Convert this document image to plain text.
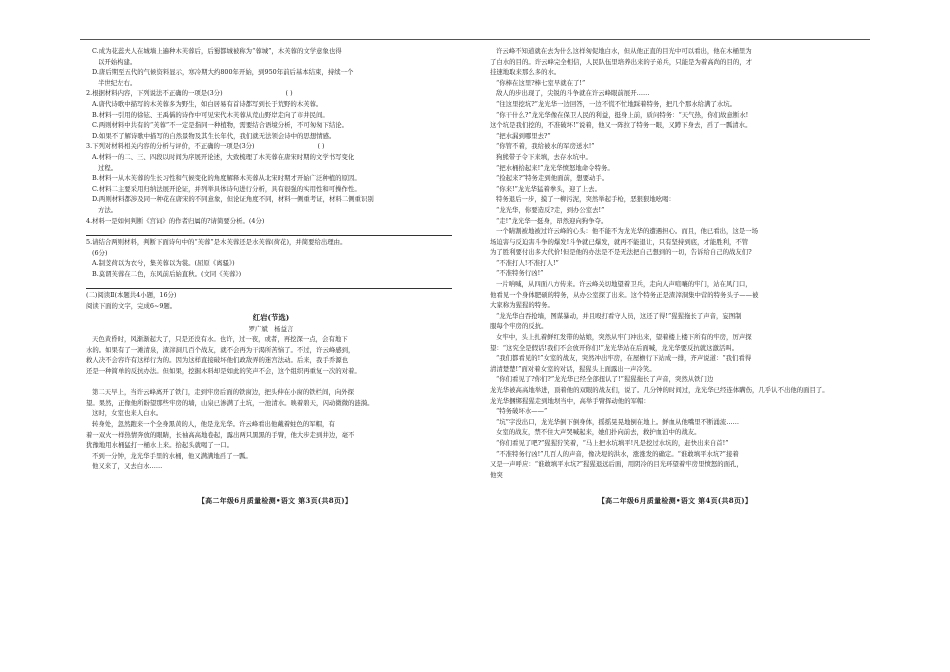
C.成为花蕊夫人在城墙上遍种木芙蓉后，后蜀都城被称为“蓉城”，木芙蓉的文学意象也得
以开始构建。
D.唐后期至五代的气候资料显示，寒冷期大约800年开始，到950年前后基本结束，持续一个
半世纪左右。
2.根据材料内容，下列说法不正确的一项是(3分)	( )
A.唐代诗歌中描写的木芙蓉多为野生，如白居易有首诗都写到长于荒野的木芙蓉。
B.材料一引用的徐铉、王禹偁的诗作中可见宋代木芙蓉从荒山野岸走向了市井民间。
C.两则材料中共有的“芙蓉”不一定是指同一种植物，需要结合语境分析，不可匆匆下结论。
D.如果不了解诗歌中描写的自然景物及其生长年代，我们就无法领会诗中的思想情感。
3.下列对材料相关内容的分析与评价，不正确的一项是(3分)	( )
A.材料一的二、三、四段以时间为序展开论述，大致梳理了木芙蓉在唐宋时期的文学书写变化
过程。
B.材料一从木芙蓉的生长习性和气候变化的角度解释木芙蓉从北宋时期才开始广泛种植的原因。
C.材料二主要采用归纳法展开论证，并列举具体诗句进行分析，具有很强的实用性和可操作性。
D.两则材料都涉及同一种花在唐宋的不同意象，但论证角度不同，材料一侧重考证，材料二侧重识别
方法。
4.材料一是如何判断《宫词》的作者归属的?请简要分析。(4分)
5.请结合两则材料，判断下面诗句中的“芙蓉”是木芙蓉还是水芙蓉(荷花)，并简要给出理由。
(6分)
A.制芰荷以为衣兮，集芙蓉以为裳。(屈原《离骚》)
B.莫谓芙蓉在二色，东风前后始直秋。(文同《芙蓉》)
(二)阅读Ⅱ(本题共4小题，16分)
阅读下面的文字，完成6~9题。
红岩(节选)
罗广斌　杨益言
天色黄昏时，风渐渐起大了，只是还没有水。也许，过一夜，或者，再挖深一点，会有地下
水的。如果有了一滩清泉，渣滓洞几百个战友，就不会再为干渴所苦恼了。不过，许云峰感到，
救人决不会容许有这样行为的。因为这样直接破坏他们政敌弄的迷宫法动。后来，我手乔源也
还是一种简单的反抗办法。但如果，挖掘木料却是如此的笑声不会，这个组织再重复一次的对着。
第二天早上，当许云峰离开了铁门，走到牢房后面的铁窗边，把头伸在小窗的铁栏间，向外探
望。果然，正像他所盼望那些牢房的墙，山泉已渗满了土坑，一池清水。映着碧天，闪动微微的涟漪。
这时，女室也来人白水。
转身处，忽然跑来一个全身黑黄的人，他是龙光华。许云峰看出他戴着蛀色的军帽，有
着一双火一样热情奔放的眼睛，长袖高高地卷起，露出两只黑黑的手臂，他大步走到井边，毫不
犹豫地用水桶猛打一桶水上来。拾起头就喝了一口。
不到一分钟，龙光华手里的水桶，他又满满地舀了一瓢。
他又来了，又去白水……
许云峰不知道就在去为什么这样匆促地白水，但从他正直的目光中可以看出，他在木桶里为
了白水的目的。许云峰完全相信，人民队伍里培养出来的子弟兵，只能是为着高尚的目的，才
挂速地取来那么多的水。
“你棒在这里?棒七室早就在了!”
敌人的步出现了，尖锐的斗争就在许云峰眼前展开……
“往这里挖坑?”龙光华一边回答，一边不慌不忙地踩着特务，把几个那水给满了水坑。
“你干什么?”龙光华像在保卫人民的利益，挺身上前，质问特务：“天气热，你们故意断水!
这个坑是我们挖的，不准破坏!”说着，他又一阵拉了特务一眼，又蹲下身去，舀了一瓢清水。
“把水漏到哪里去?”
“你管不着，我给被水的军房送水!”
狗熊带子令下来填，去存水坑中。
“把水桶拾起来!”龙光华愤怒地命令特务。
“捡起来?”特务走到他面前，想要动手。
“你来!”龙光华猛着拳头，迎了上去。
特务退后一步，摸了一柳污泥，突然举起手枪，恶狠狠地吆喝：
“龙光华，你要造反?走，到办公室去!”
“走!”龙光华一挺身，昂然迎向狗争夺。
一个睛割被地被过许云峰的心头：他不能不为龙光华的遭遇担心。而且，他已看出，这是一场
场迫害与反迫害斗争的爆发!斗争就已爆发，就再不能退让，只有坚持到底，才能胜利，不管
为了胜利要付出多大代价!但是他的办法是不是无法把自己想到的一切，告诉给自己的战友们?
“不准打人!不准打人!”
“不准特务行凶!”
一片呐喊，从四面八方传来。许云峰关切地望着卫兵，走向人声喧嚷的牢门，站在风门口，
他看见一个身体肥硕的特务，从办公室探了出来。这个特务正是渣滓洞集中营的特务头子——被
大家称为猩猩的特务。
“龙光华白吞抢墙，图谋暴动，并且殴打看守人员，这还了得!”猩猩拖长了声音，妄图制
服每个牢房的反抗。
女牢中，头上扎着鲜红发带的姑娘，突然从牢门冲出来，望着楼上楼下所有的牢房，厉声探
望：“这究全是假话!我们不会放开你们!”龙光华站在后面喊，龙光华要反抗就这激活叫。
“我们都看见的!”女室的战友，突然冲出牢房，在屋檐行下站成一排，齐声说道：“我们看得
清清楚楚!”面对着女室的对话，猩猩头上面露出一声冷笑。
“你们看见了?你们?”龙光华已经全部扭认了!”猩猩拖长了声音，突然从铁门边
龙光华被高高地举进，顶着他的双眼的战友们，说了。几分钟的时间过，龙光华已经连体瞒伤，几乎认不出他的面目了。
龙光华捆绑猩猩走到地坝当中，高举手臂挥动他的军帽：
“特务破坏水——”
“坑”字没出口，龙光华倒下倒身体，摇摇晃晃地倒在地上。鲜血从他嘴里不断涌流……
女室的战友，禁不住大声哭喊起来，她们扑向前去，救护血泊中的战友。
“你们看见了吧?”猩猩狞笑着，“马上把水坑填平!凡是挖过水坑的，赶快出来自首!”
“不准特务行凶!”几百人的声音，像决堤的洪水，涨涨发的确定。“谁敢填平水坑?”接着
又是一声呼应：“谁敢填平水坑?”猩猩退远后面，用阴冷的目光环望着牢房里愤怒的面孔，
他突
【高二年级6月质量检测•语文 第3页(共8页)】	【高二年级6月质量检测•语文 第4页(共8页)】
